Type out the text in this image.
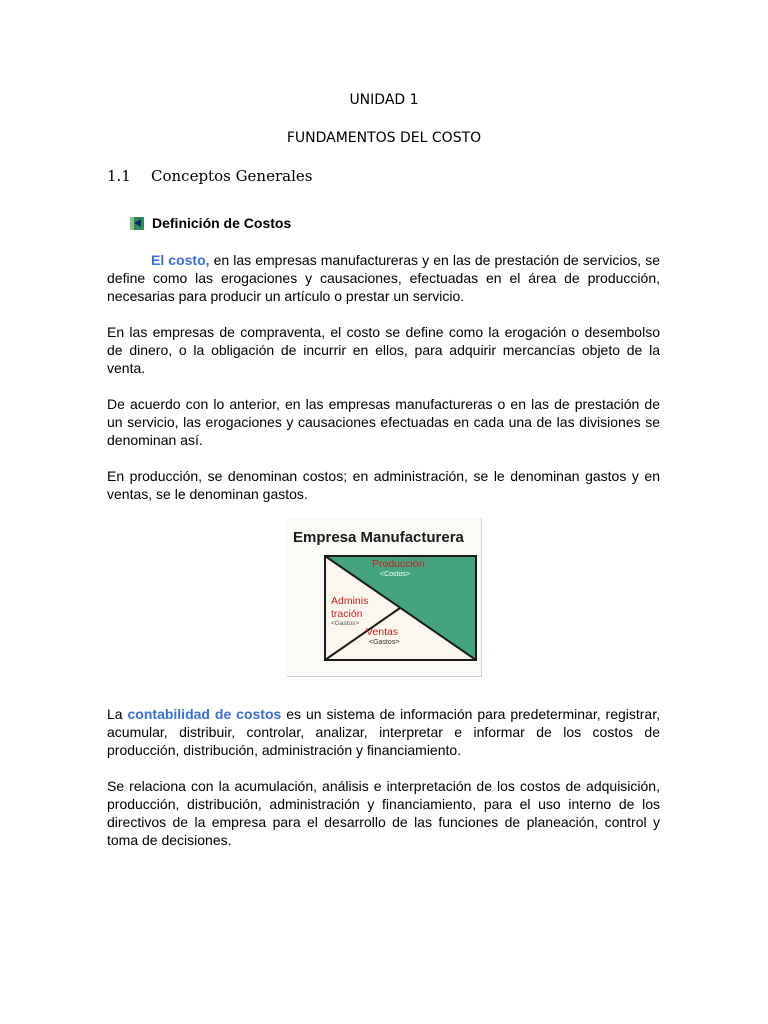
UNIDAD 1
FUNDAMENTOS DEL COSTO
1.1 Conceptos Generales
Definición de Costos
El costo, en las empresas manufactureras y en las de prestación de servicios, se define como las erogaciones y causaciones, efectuadas en el área de producción, necesarias para producir un artículo o prestar un servicio.
En las empresas de compraventa, el costo se define como la erogación o desembolso de dinero, o la obligación de incurrir en ellos, para adquirir mercancías objeto de la venta.
De acuerdo con lo anterior, en las empresas manufactureras o en las de prestación de un servicio, las erogaciones y causaciones efectuadas en cada una de las divisiones se denominan así.
En producción, se denominan costos; en administración, se le denominan gastos y en ventas, se le denominan gastos.
Empresa Manufacturera
Producción
<Costos>
Adminis
tración
<Gastos>
Ventas
<Gastos>
La contabilidad de costos es un sistema de información para predeterminar, registrar, acumular, distribuir, controlar, analizar, interpretar e informar de los costos de producción, distribución, administración y financiamiento.
Se relaciona con la acumulación, análisis e interpretación de los costos de adquisición, producción, distribución, administración y financiamiento, para el uso interno de los directivos de la empresa para el desarrollo de las funciones de planeación, control y toma de decisiones.
